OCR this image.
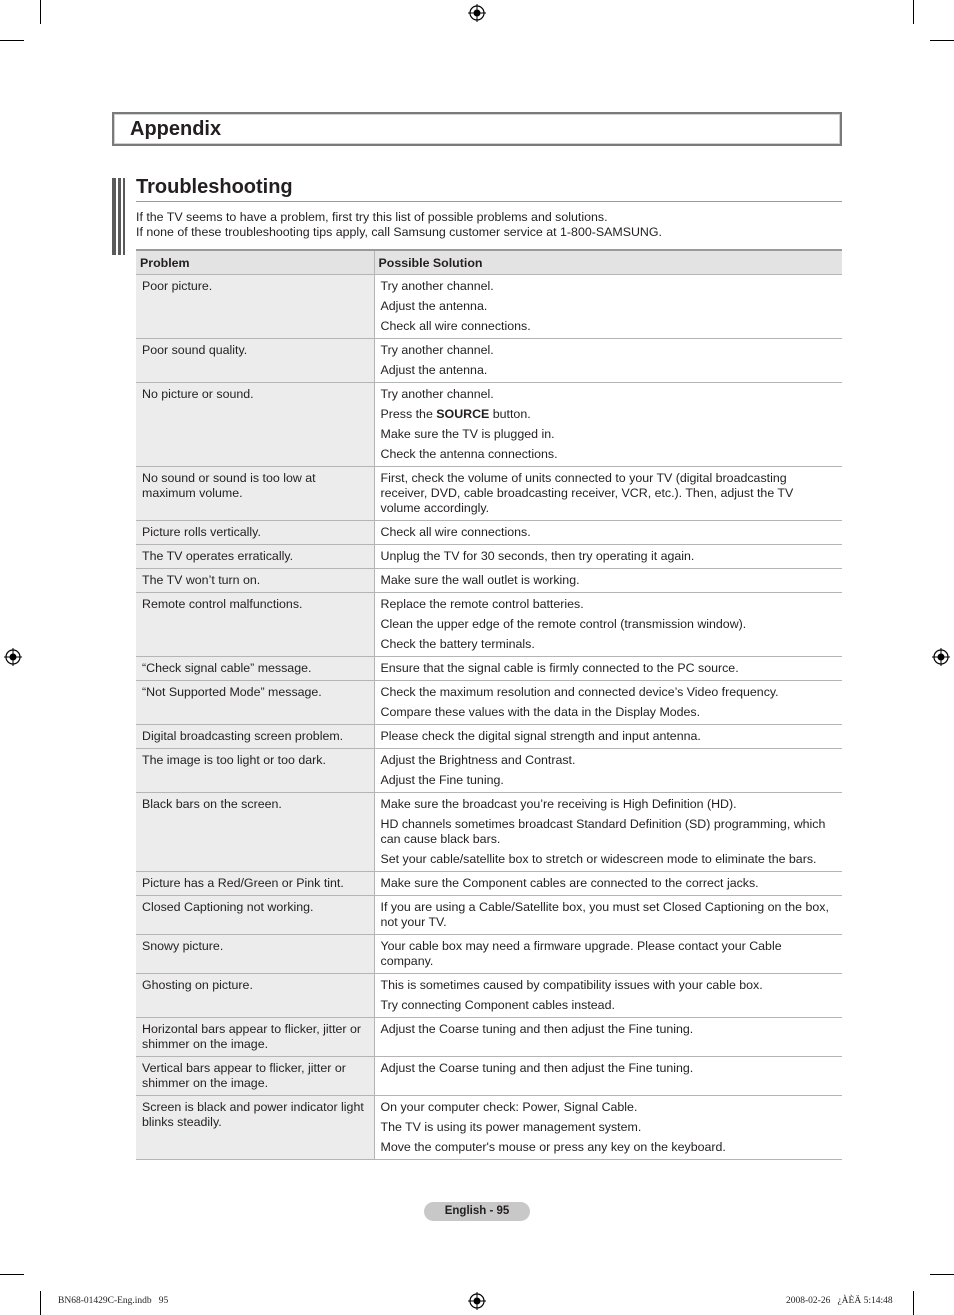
Appendix
Troubleshooting
If the TV seems to have a problem, first try this list of possible problems and solutions.
If none of these troubleshooting tips apply, call Samsung customer service at 1-800-SAMSUNG.
Problem	Possible Solution
Poor picture.	Try another channel.
Adjust the antenna.
Check all wire connections.

Poor sound quality.	Try another channel.
Adjust the antenna.

No picture or sound.	Try another channel.
Press the SOURCE button.
Make sure the TV is plugged in.
Check the antenna connections.

No sound or sound is too low at maximum volume.	First, check the volume of units connected to your TV (digital broadcasting receiver, DVD, cable broadcasting receiver, VCR, etc.). Then, adjust the TV volume accordingly.

Picture rolls vertically.	Check all wire connections.

The TV operates erratically.	Unplug the TV for 30 seconds, then try operating it again.

The TV won’t turn on.	Make sure the wall outlet is working.

Remote control malfunctions.	Replace the remote control batteries.
Clean the upper edge of the remote control (transmission window).
Check the battery terminals.

“Check signal cable” message.	Ensure that the signal cable is firmly connected to the PC source.

“Not Supported Mode” message.	Check the maximum resolution and connected device’s Video frequency.
Compare these values with the data in the Display Modes.

Digital broadcasting screen problem.	Please check the digital signal strength and input antenna.

The image is too light or too dark.	Adjust the Brightness and Contrast.
Adjust the Fine tuning.

Black bars on the screen.	Make sure the broadcast you’re receiving is High Definition (HD).
HD channels sometimes broadcast Standard Definition (SD) programming, which can cause black bars.
Set your cable/satellite box to stretch or widescreen mode to eliminate the bars.

Picture has a Red/Green or Pink tint.	Make sure the Component cables are connected to the correct jacks.

Closed Captioning not working.	If you are using a Cable/Satellite box, you must set Closed Captioning on the box, not your TV.

Snowy picture.	Your cable box may need a firmware upgrade. Please contact your Cable company.

Ghosting on picture.	This is sometimes caused by compatibility issues with your cable box.
Try connecting Component cables instead.

Horizontal bars appear to flicker, jitter or shimmer on the image.	Adjust the Coarse tuning and then adjust the Fine tuning.

Vertical bars appear to flicker, jitter or shimmer on the image.	Adjust the Coarse tuning and then adjust the Fine tuning.

Screen is black and power indicator light blinks steadily.	On your computer check: Power, Signal Cable.
The TV is using its power management system.
Move the computer's mouse or press any key on the keyboard.
English - 95
BN68-01429C-Eng.indb   95	2008-02-26   ¿ÀÈÄ 5:14:48
